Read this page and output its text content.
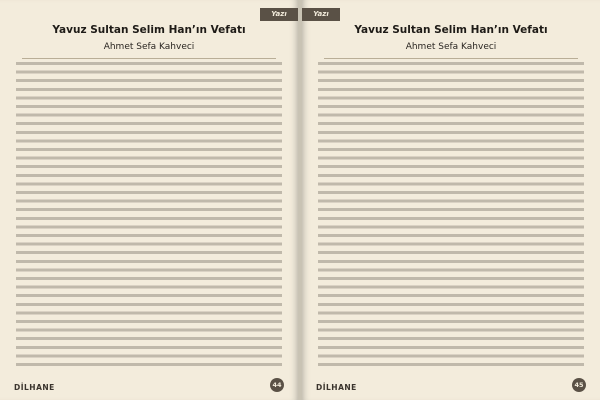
Yazı
Yavuz Sultan Selim Han’ın Vefatı
Ahmet Sefa Kahveci
DİLHANE	44
Yazı
Yavuz Sultan Selim Han’ın Vefatı
Ahmet Sefa Kahveci
DİLHANE	45
